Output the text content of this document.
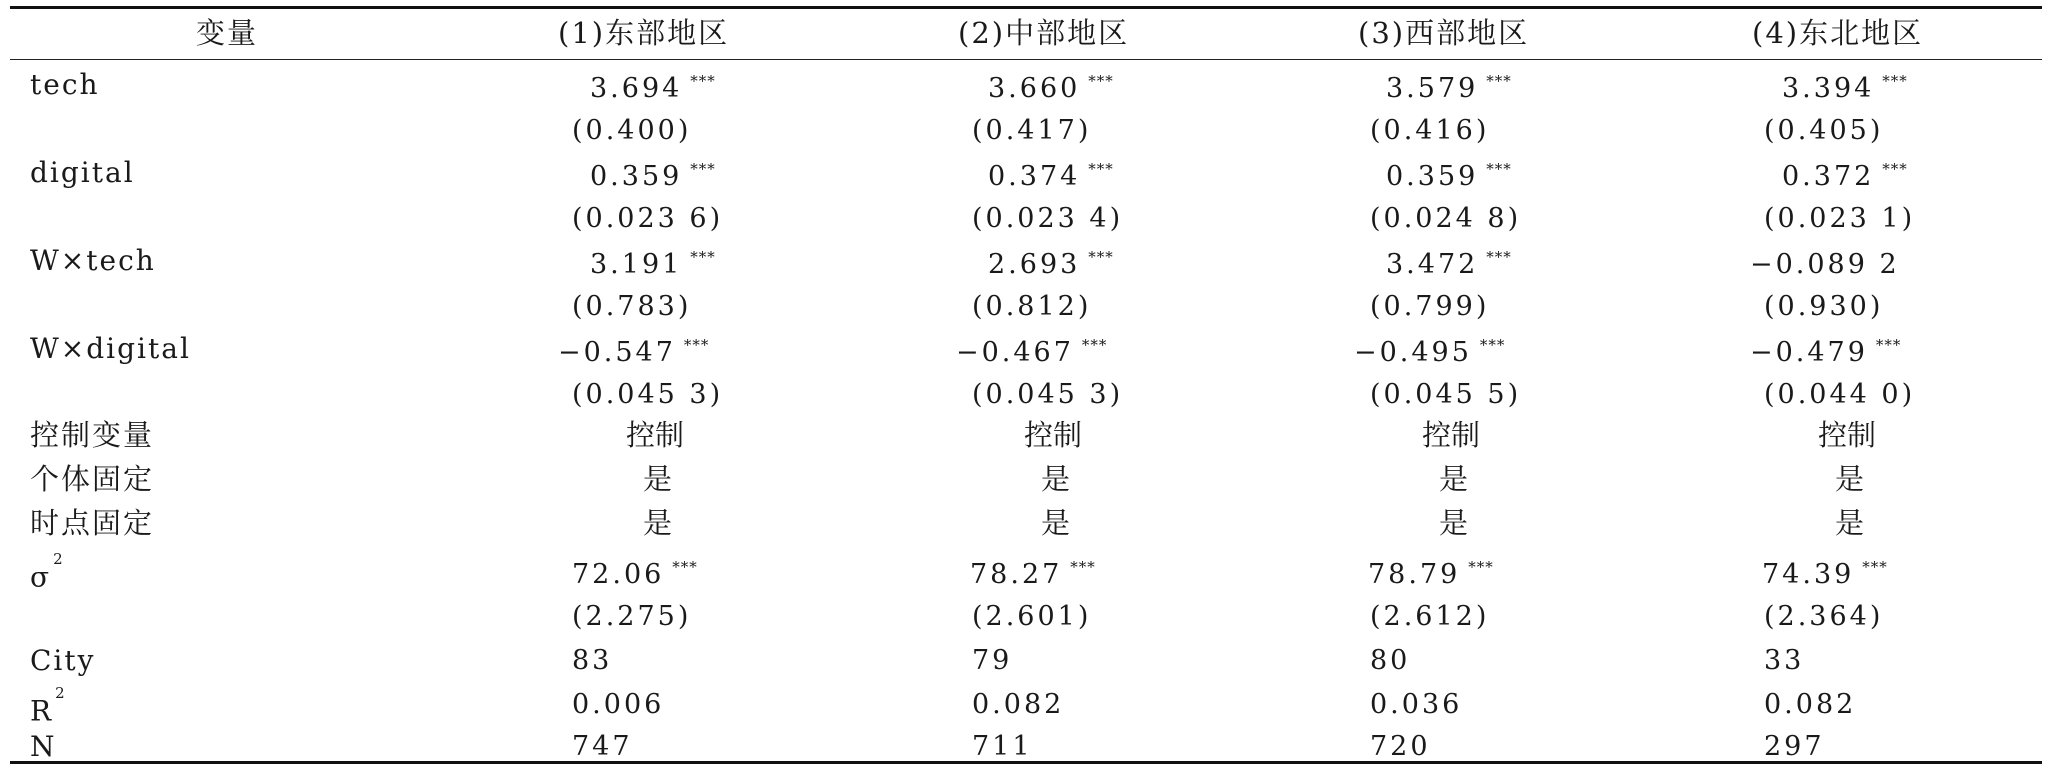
变量	(1)东部地区	(2)中部地区	(3)西部地区	(4)东北地区
tech	3.694 ***	3.660 ***	3.579 ***	3.394 ***
(0.400)	(0.417)	(0.416)	(0.405)
digital	0.359 ***	0.374 ***	0.359 ***	0.372 ***
(0.023 6)	(0.023 4)	(0.024 8)	(0.023 1)
W×tech	3.191 ***	2.693 ***	3.472 ***	−0.089 2
(0.783)	(0.812)	(0.799)	(0.930)
W×digital	−0.547 ***	−0.467 ***	−0.495 ***	−0.479 ***
(0.045 3)	(0.045 3)	(0.045 5)	(0.044 0)
控制变量	控制	控制	控制	控制
个体固定	是	是	是	是
时点固定	是	是	是	是
$\sigma^2$	72.06 ***	78.27 ***	78.79 ***	74.39 ***
(2.275)	(2.601)	(2.612)	(2.364)
City	83	79	80	33
$R^2$	0.006	0.082	0.036	0.082
N	747	711	720	297
